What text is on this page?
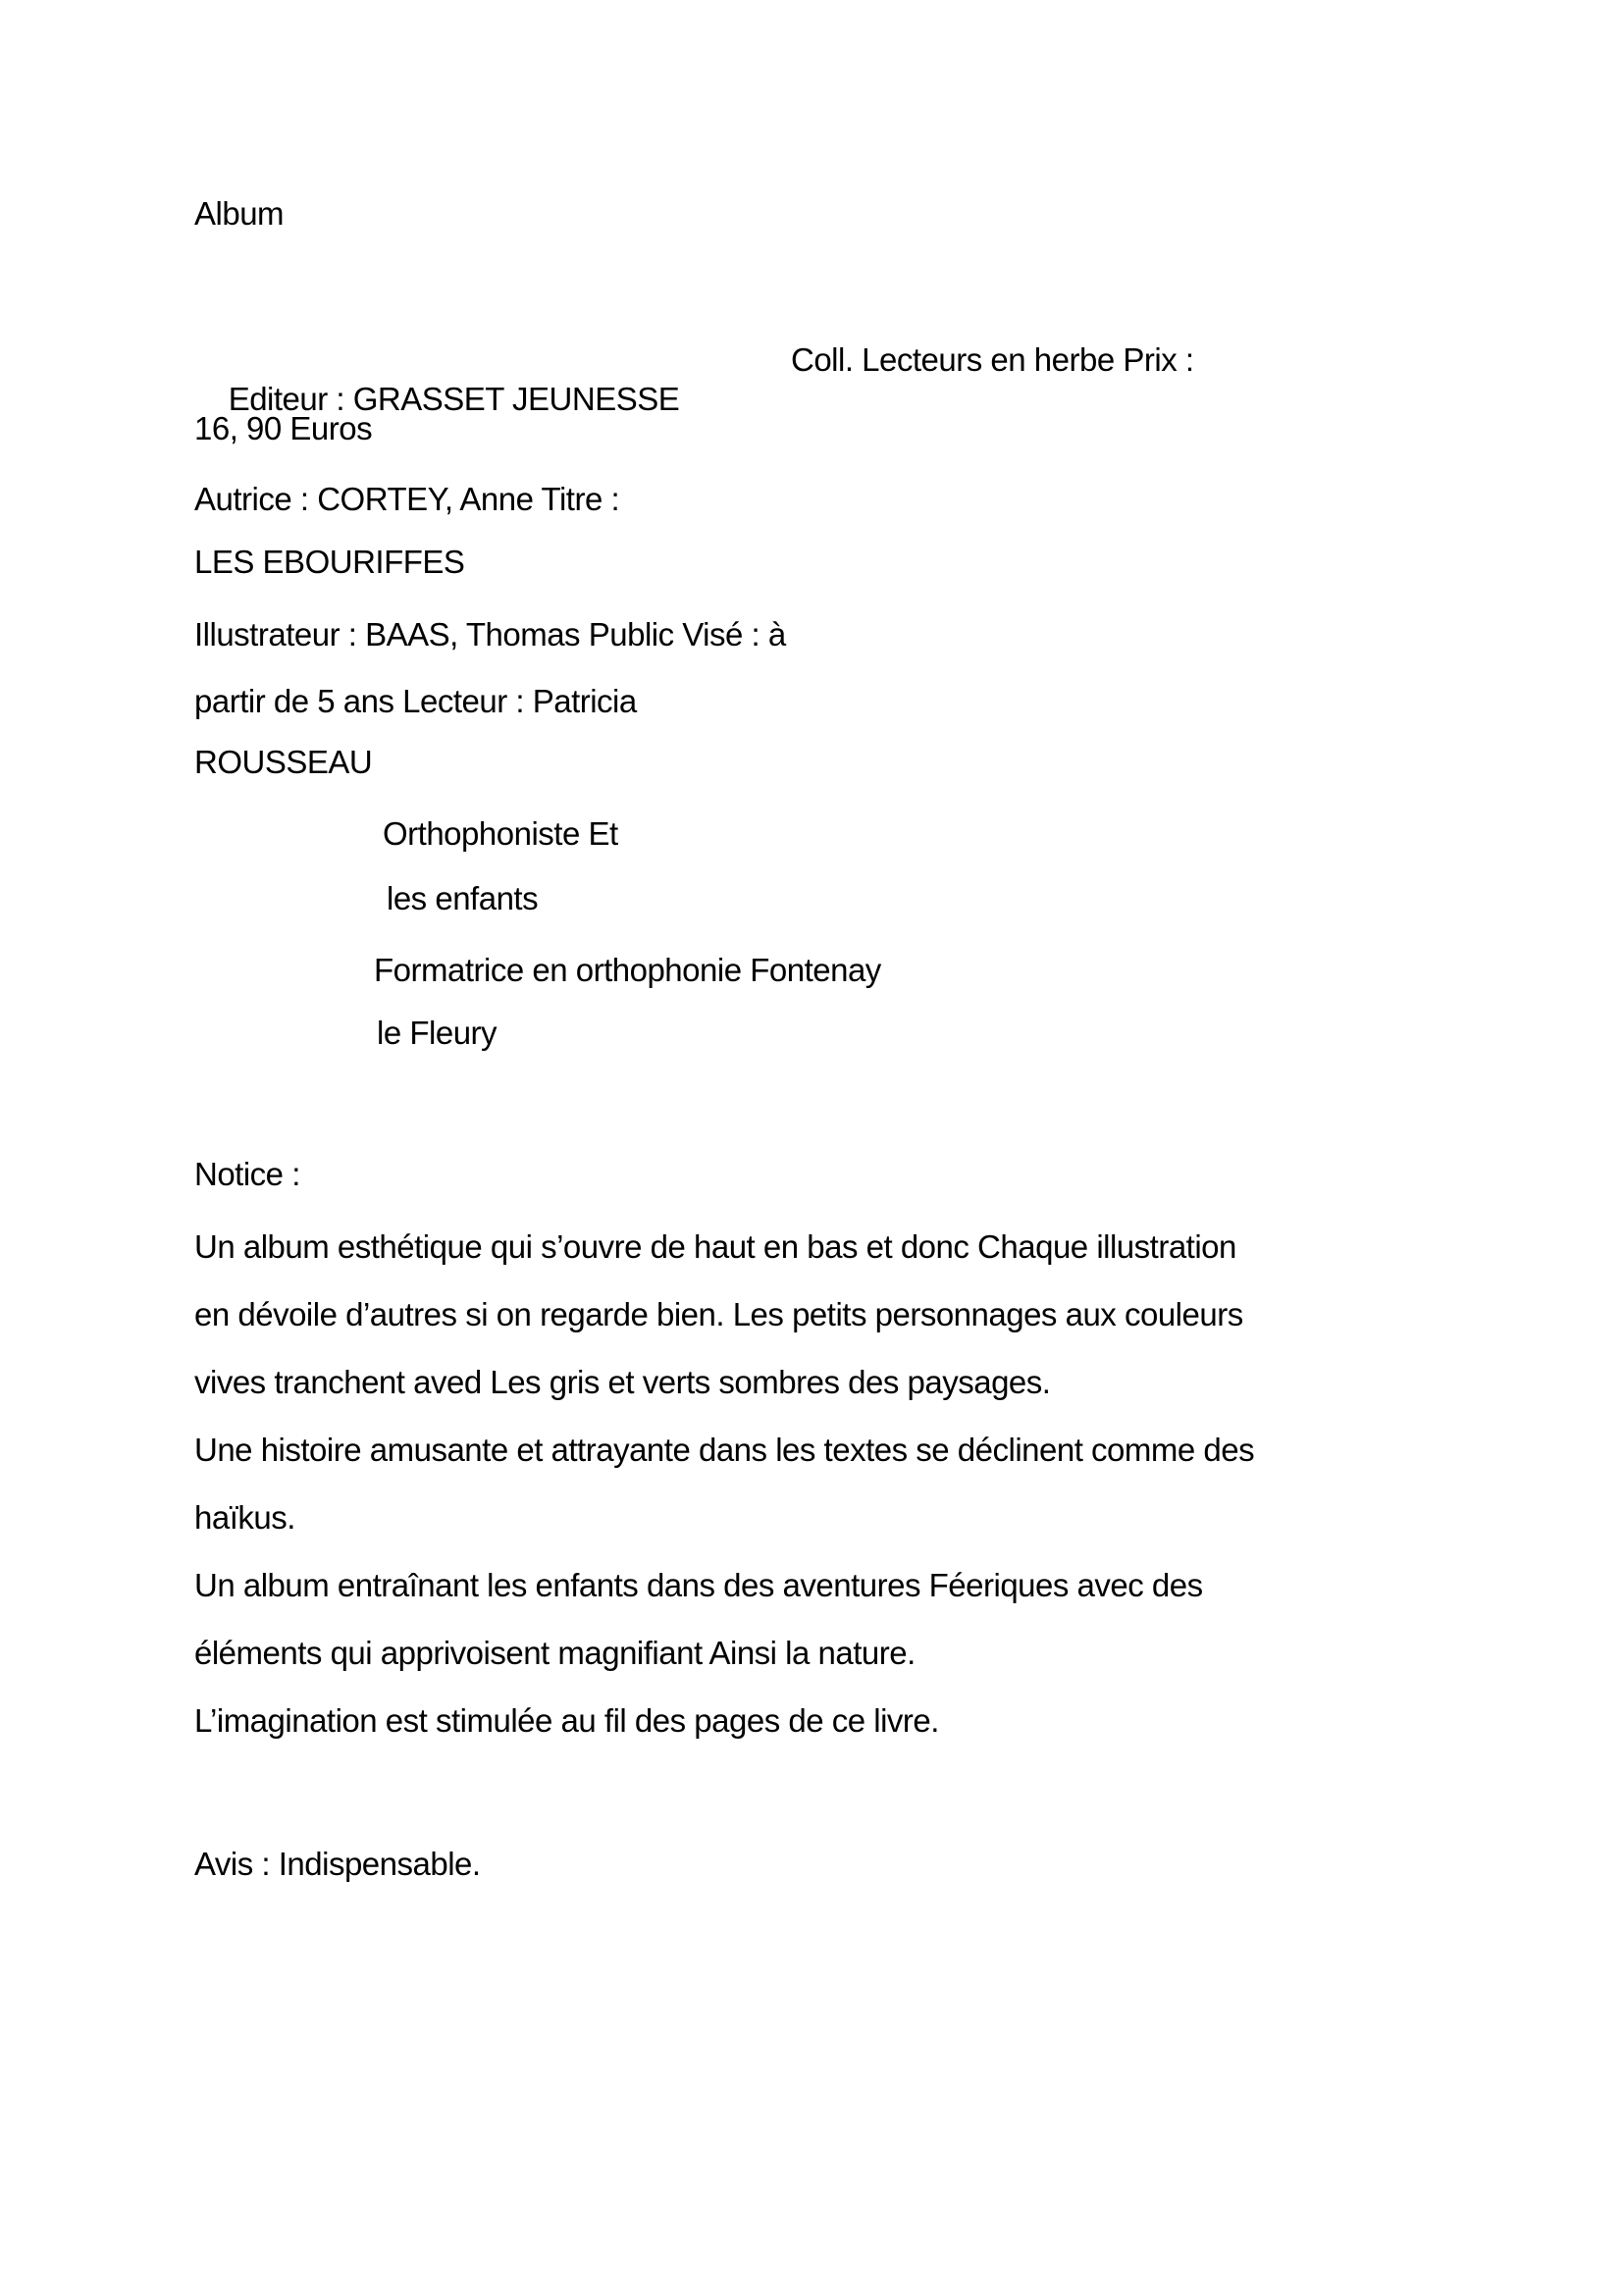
Album

Editeur : GRASSET JEUNESSE

Coll. Lecteurs en herbe Prix :

16, 90 Euros
Autrice : CORTEY, Anne Titre :
LES EBOURIFFES
Illustrateur : BAAS, Thomas Public Visé : à
partir de 5 ans Lecteur : Patricia
ROUSSEAU
Orthophoniste Et
les enfants
Formatrice en orthophonie Fontenay
le Fleury
Notice :
Un album esthétique qui s’ouvre de haut en bas et donc Chaque illustration
en dévoile d’autres si on regarde bien. Les petits personnages aux couleurs
vives tranchent aved Les gris et verts sombres des paysages.
Une histoire amusante et attrayante dans les textes se déclinent comme des
haïkus.
Un album entraînant les enfants dans des aventures Féeriques avec des
éléments qui apprivoisent magnifiant Ainsi la nature.
L’imagination est stimulée au fil des pages de ce livre.
Avis : Indispensable.
